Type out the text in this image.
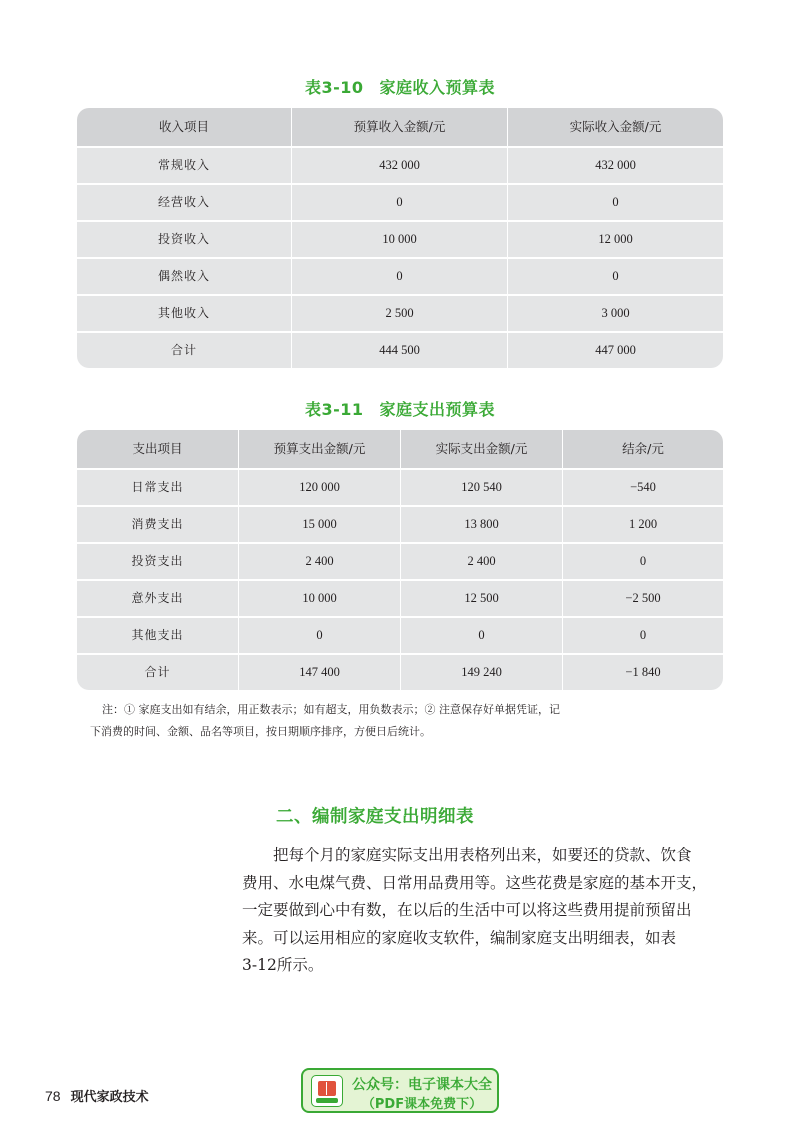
表3-10 家庭收入预算表
收入项目	预算收入金额/元	实际收入金额/元
常规收入	432 000	432 000
经营收入	0	0
投资收入	10 000	12 000
偶然收入	0	0
其他收入	2 500	3 000
合计	444 500	447 000
表3-11 家庭支出预算表
支出项目	预算支出金额/元	实际支出金额/元	结余/元
日常支出	120 000	120 540	−540
消费支出	15 000	13 800	1 200
投资支出	2 400	2 400	0
意外支出	10 000	12 500	−2 500
其他支出	0	0	0
合计	147 400	149 240	−1 840

注：① 家庭支出如有结余，用正数表示；如有超支，用负数表示；② 注意保存好单据凭证，记

下消费的时间、金额、品名等项目，按日期顺序排序，方便日后统计。

二、编制家庭支出明细表

把每个月的家庭实际支出用表格列出来，如要还的贷款、饮食

费用、水电煤气费、日常用品费用等。这些花费是家庭的基本开支，

一定要做到心中有数，在以后的生活中可以将这些费用提前预留出

来。可以运用相应的家庭收支软件，编制家庭支出明细表，如表

3-12所示。

78 现代家政技术
公众号：电子课本大全
（PDF课本免费下）
